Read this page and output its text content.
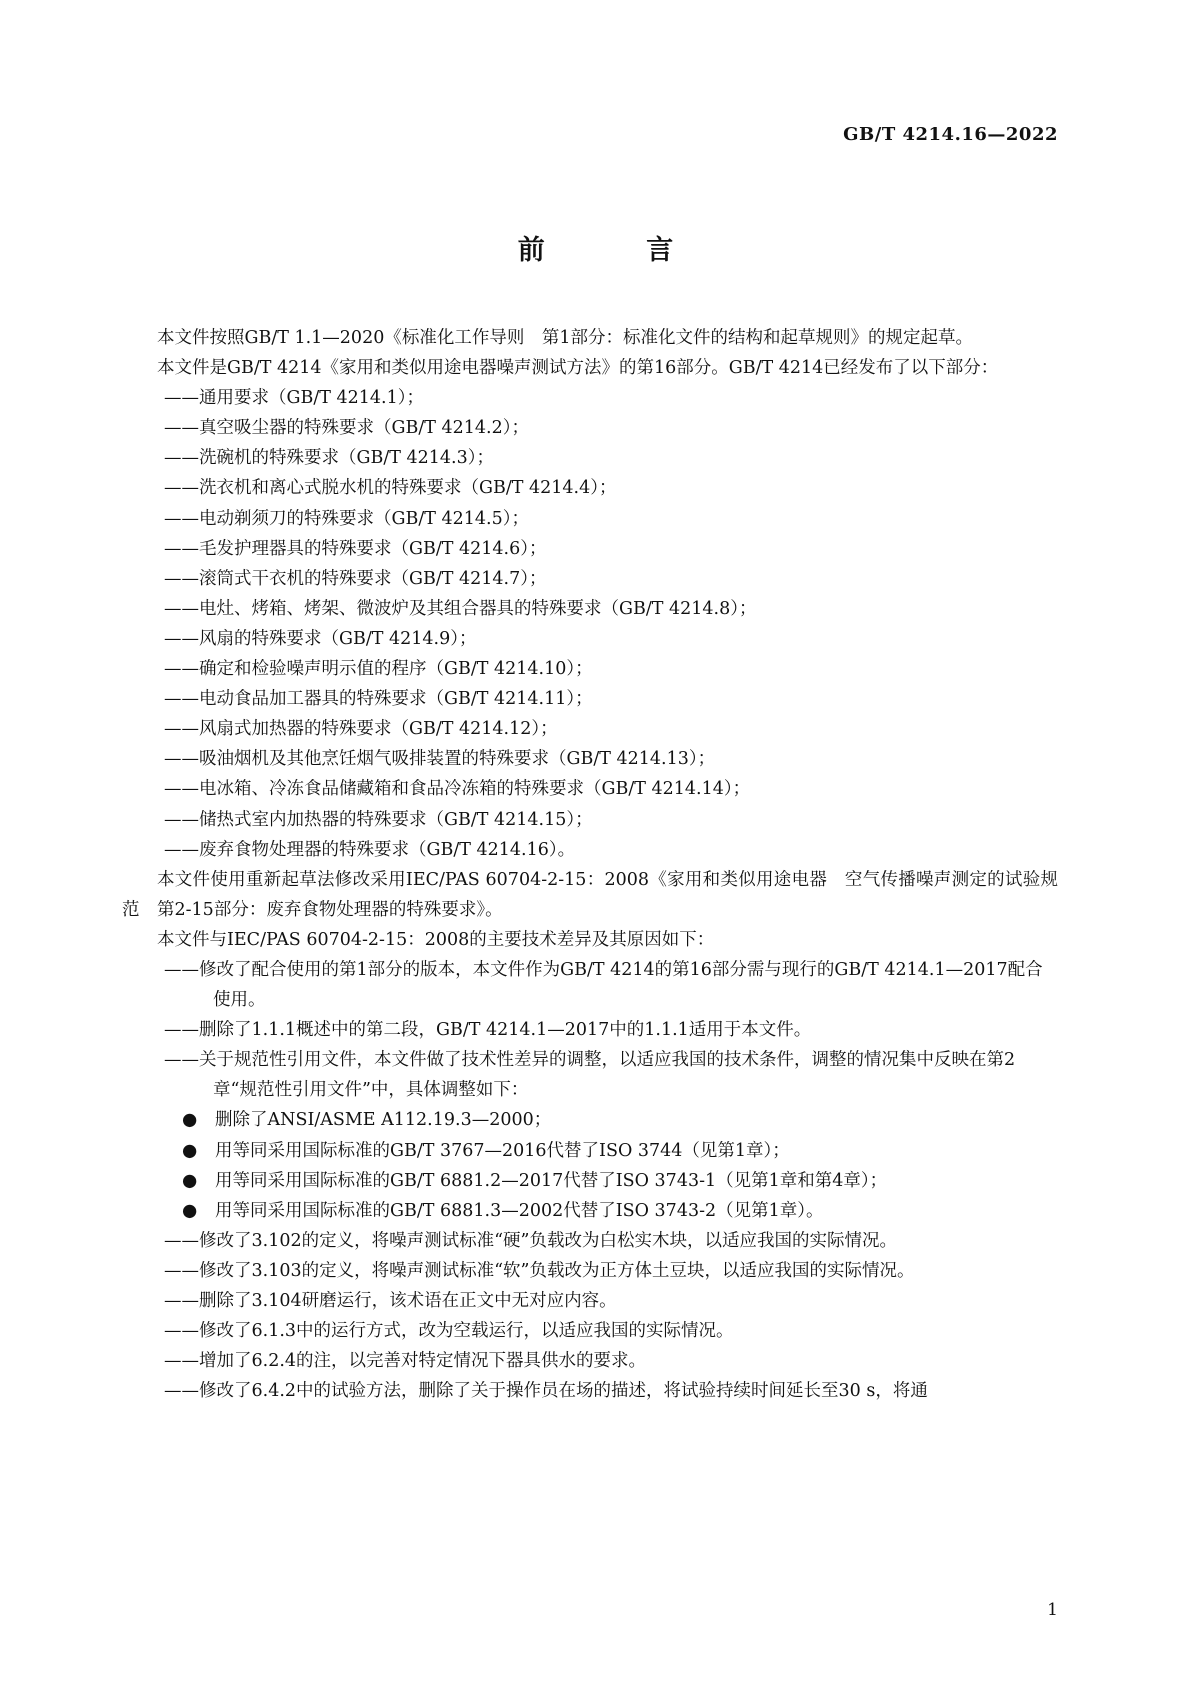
GB/T 4214.16—2022
前 言

本文件按照GB/T 1.1—2020《标准化工作导则　第1部分：标准化文件的结构和起草规则》的规定起草。

本文件是GB/T 4214《家用和类似用途电器噪声测试方法》的第16部分。GB/T 4214已经发布了以下部分：

——通用要求（GB/T 4214.1）；

——真空吸尘器的特殊要求（GB/T 4214.2）；

——洗碗机的特殊要求（GB/T 4214.3）；

——洗衣机和离心式脱水机的特殊要求（GB/T 4214.4）；

——电动剃须刀的特殊要求（GB/T 4214.5）；

——毛发护理器具的特殊要求（GB/T 4214.6）；

——滚筒式干衣机的特殊要求（GB/T 4214.7）；

——电灶、烤箱、烤架、微波炉及其组合器具的特殊要求（GB/T 4214.8）；

——风扇的特殊要求（GB/T 4214.9）；

——确定和检验噪声明示值的程序（GB/T 4214.10）；

——电动食品加工器具的特殊要求（GB/T 4214.11）；

——风扇式加热器的特殊要求（GB/T 4214.12）；

——吸油烟机及其他烹饪烟气吸排装置的特殊要求（GB/T 4214.13）；

——电冰箱、冷冻食品储藏箱和食品冷冻箱的特殊要求（GB/T 4214.14）；

——储热式室内加热器的特殊要求（GB/T 4214.15）；

——废弃食物处理器的特殊要求（GB/T 4214.16）。

本文件使用重新起草法修改采用IEC/PAS 60704-2-15：2008《家用和类似用途电器　空气传播噪声测定的试验规范　第2-15部分：废弃食物处理器的特殊要求》。

本文件与IEC/PAS 60704-2-15：2008的主要技术差异及其原因如下：

——修改了配合使用的第1部分的版本，本文件作为GB/T 4214的第16部分需与现行的GB/T 4214.1—2017配合使用。

——删除了1.1.1概述中的第二段，GB/T 4214.1—2017中的1.1.1适用于本文件。

——关于规范性引用文件，本文件做了技术性差异的调整，以适应我国的技术条件，调整的情况集中反映在第2章“规范性引用文件”中，具体调整如下：

● 删除了ANSI/ASME A112.19.3—2000；

● 用等同采用国际标准的GB/T 3767—2016代替了ISO 3744（见第1章）；

● 用等同采用国际标准的GB/T 6881.2—2017代替了ISO 3743-1（见第1章和第4章）；

● 用等同采用国际标准的GB/T 6881.3—2002代替了ISO 3743-2（见第1章）。

——修改了3.102的定义，将噪声测试标准“硬”负载改为白松实木块，以适应我国的实际情况。

——修改了3.103的定义，将噪声测试标准“软”负载改为正方体土豆块，以适应我国的实际情况。

——删除了3.104研磨运行，该术语在正文中无对应内容。

——修改了6.1.3中的运行方式，改为空载运行，以适应我国的实际情况。

——增加了6.2.4的注，以完善对特定情况下器具供水的要求。

——修改了6.4.2中的试验方法，删除了关于操作员在场的描述，将试验持续时间延长至30 s，将通

1
